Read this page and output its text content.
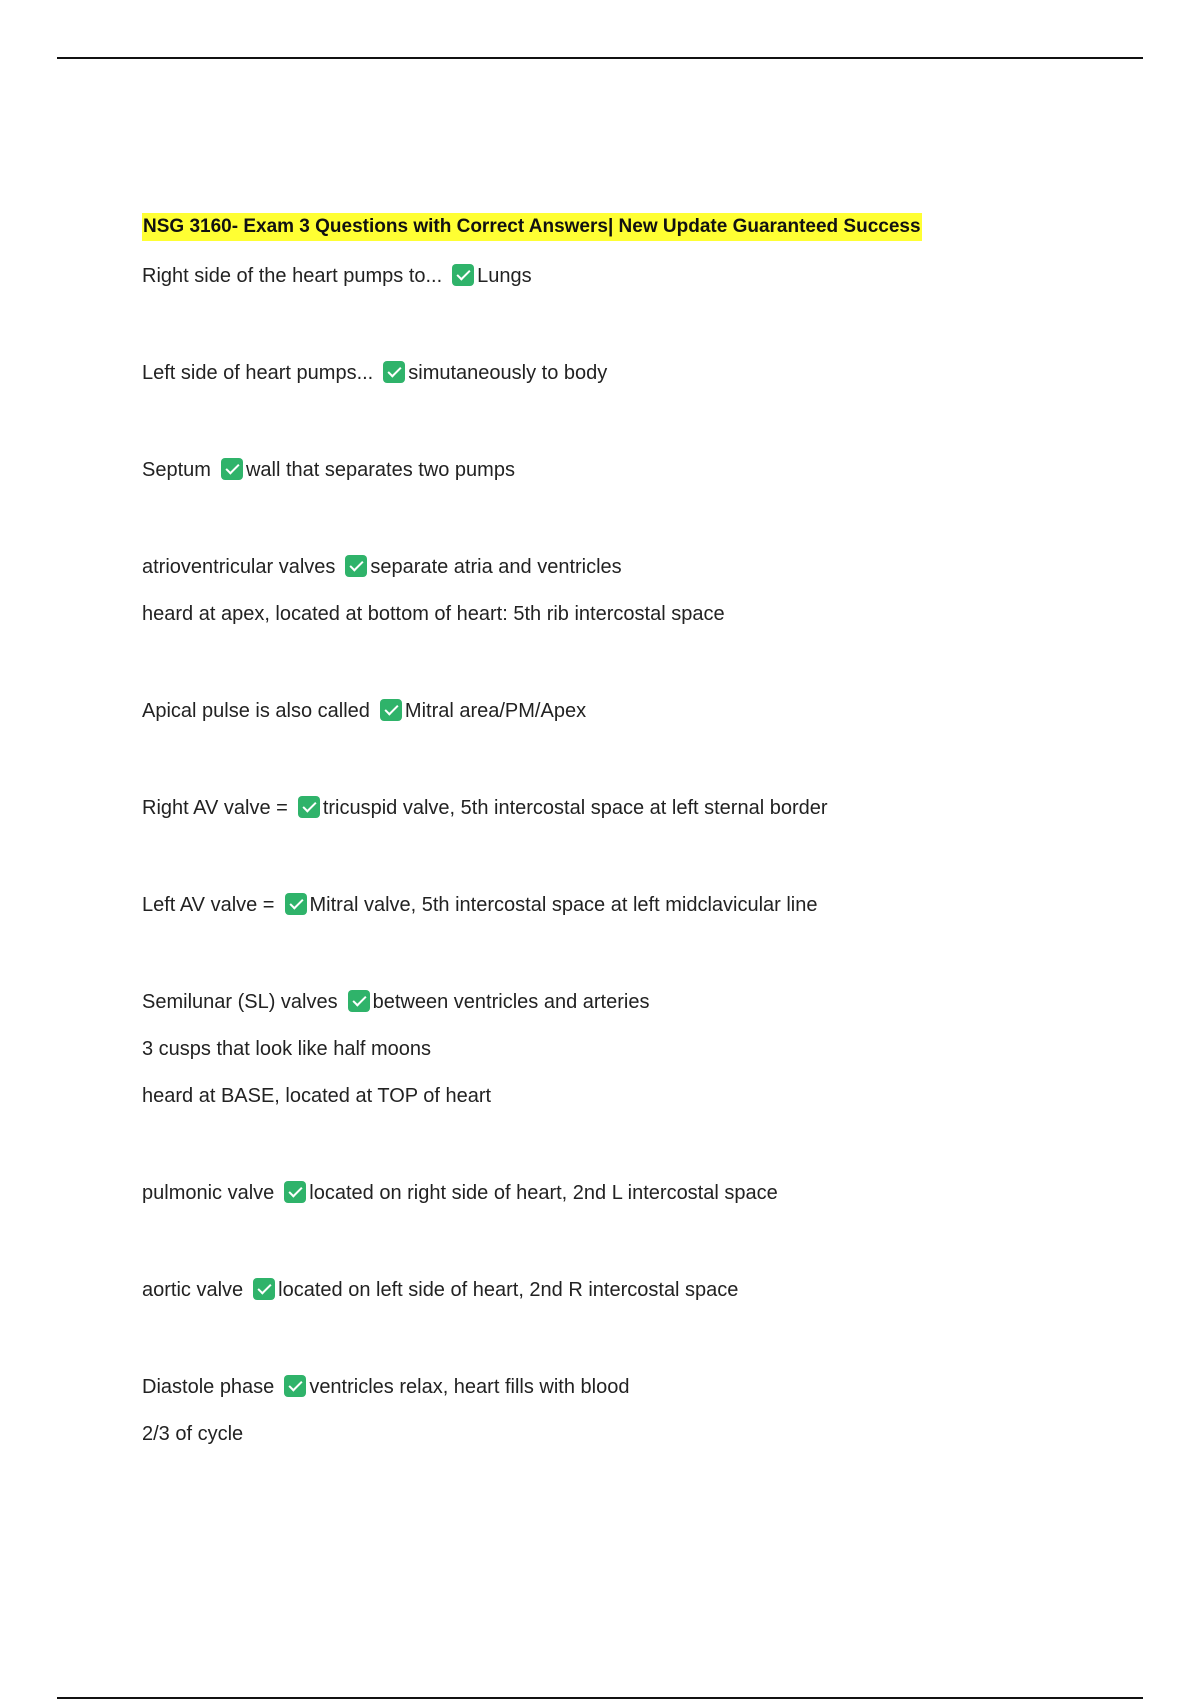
NSG 3160- Exam 3 Questions with Correct Answers| New Update Guaranteed Success
Right side of the heart pumps to... Lungs
Left side of heart pumps... simutaneously to body
Septum wall that separates two pumps
atrioventricular valves separate atria and ventricles
heard at apex, located at bottom of heart: 5th rib intercostal space
Apical pulse is also called Mitral area/PM/Apex
Right AV valve = tricuspid valve, 5th intercostal space at left sternal border
Left AV valve = Mitral valve, 5th intercostal space at left midclavicular line
Semilunar (SL) valves between ventricles and arteries
3 cusps that look like half moons
heard at BASE, located at TOP of heart
pulmonic valve located on right side of heart, 2nd L intercostal space
aortic valve located on left side of heart, 2nd R intercostal space
Diastole phase ventricles relax, heart fills with blood
2/3 of cycle
